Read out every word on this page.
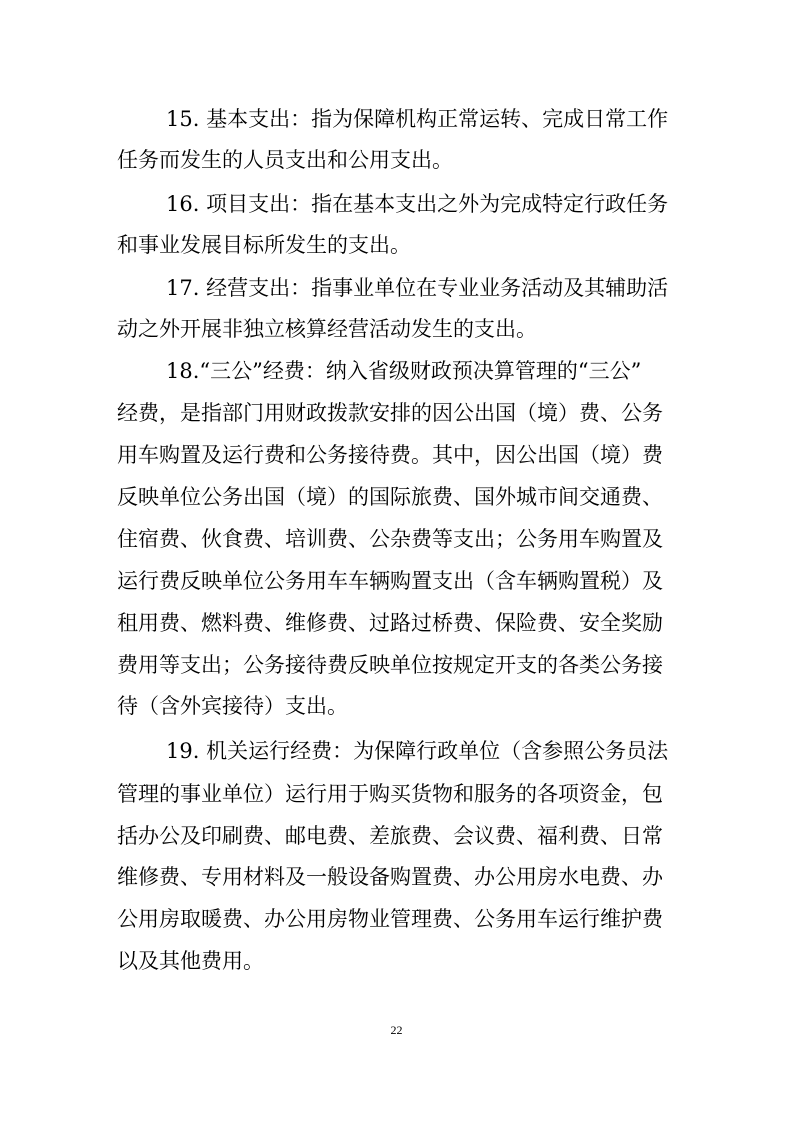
15. 基本支出：指为保障机构正常运转、完成日常工作
任务而发生的人员支出和公用支出。
16. 项目支出：指在基本支出之外为完成特定行政任务
和事业发展目标所发生的支出。
17. 经营支出：指事业单位在专业业务活动及其辅助活
动之外开展非独立核算经营活动发生的支出。
18.“三公”经费：纳入省级财政预决算管理的“三公”
经费，是指部门用财政拨款安排的因公出国（境）费、公务
用车购置及运行费和公务接待费。其中，因公出国（境）费
反映单位公务出国（境）的国际旅费、国外城市间交通费、
住宿费、伙食费、培训费、公杂费等支出；公务用车购置及
运行费反映单位公务用车车辆购置支出（含车辆购置税）及
租用费、燃料费、维修费、过路过桥费、保险费、安全奖励
费用等支出；公务接待费反映单位按规定开支的各类公务接
待（含外宾接待）支出。
19. 机关运行经费：为保障行政单位（含参照公务员法
管理的事业单位）运行用于购买货物和服务的各项资金，包
括办公及印刷费、邮电费、差旅费、会议费、福利费、日常
维修费、专用材料及一般设备购置费、办公用房水电费、办
公用房取暖费、办公用房物业管理费、公务用车运行维护费
以及其他费用。
22
